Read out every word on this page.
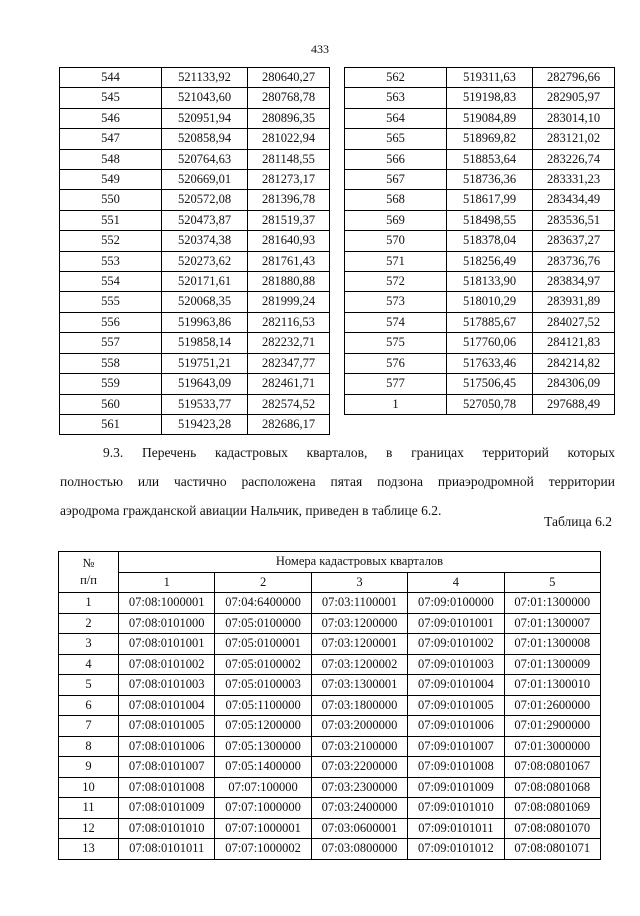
433
544	521133,92	280640,27
545	521043,60	280768,78
546	520951,94	280896,35
547	520858,94	281022,94
548	520764,63	281148,55
549	520669,01	281273,17
550	520572,08	281396,78
551	520473,87	281519,37
552	520374,38	281640,93
553	520273,62	281761,43
554	520171,61	281880,88
555	520068,35	281999,24
556	519963,86	282116,53
557	519858,14	282232,71
558	519751,21	282347,77
559	519643,09	282461,71
560	519533,77	282574,52
561	519423,28	282686,17
562	519311,63	282796,66
563	519198,83	282905,97
564	519084,89	283014,10
565	518969,82	283121,02
566	518853,64	283226,74
567	518736,36	283331,23
568	518617,99	283434,49
569	518498,55	283536,51
570	518378,04	283637,27
571	518256,49	283736,76
572	518133,90	283834,97
573	518010,29	283931,89
574	517885,67	284027,52
575	517760,06	284121,83
576	517633,46	284214,82
577	517506,45	284306,09
1	527050,78	297688,49
9.3. Перечень кадастровых кварталов, в границах территорий которых
полностью или частично расположена пятая подзона приаэродромной территории
аэродрома гражданской авиации Нальчик, приведен в таблице 6.2.
Таблица 6.2
№
п/п	Номера кадастровых кварталов				
	1	2	3	4	5
1	07:08:1000001	07:04:6400000	07:03:1100001	07:09:0100000	07:01:1300000
2	07:08:0101000	07:05:0100000	07:03:1200000	07:09:0101001	07:01:1300007
3	07:08:0101001	07:05:0100001	07:03:1200001	07:09:0101002	07:01:1300008
4	07:08:0101002	07:05:0100002	07:03:1200002	07:09:0101003	07:01:1300009
5	07:08:0101003	07:05:0100003	07:03:1300001	07:09:0101004	07:01:1300010
6	07:08:0101004	07:05:1100000	07:03:1800000	07:09:0101005	07:01:2600000
7	07:08:0101005	07:05:1200000	07:03:2000000	07:09:0101006	07:01:2900000
8	07:08:0101006	07:05:1300000	07:03:2100000	07:09:0101007	07:01:3000000
9	07:08:0101007	07:05:1400000	07:03:2200000	07:09:0101008	07:08:0801067
10	07:08:0101008	07:07:100000	07:03:2300000	07:09:0101009	07:08:0801068
11	07:08:0101009	07:07:1000000	07:03:2400000	07:09:0101010	07:08:0801069
12	07:08:0101010	07:07:1000001	07:03:0600001	07:09:0101011	07:08:0801070
13	07:08:0101011	07:07:1000002	07:03:0800000	07:09:0101012	07:08:0801071
